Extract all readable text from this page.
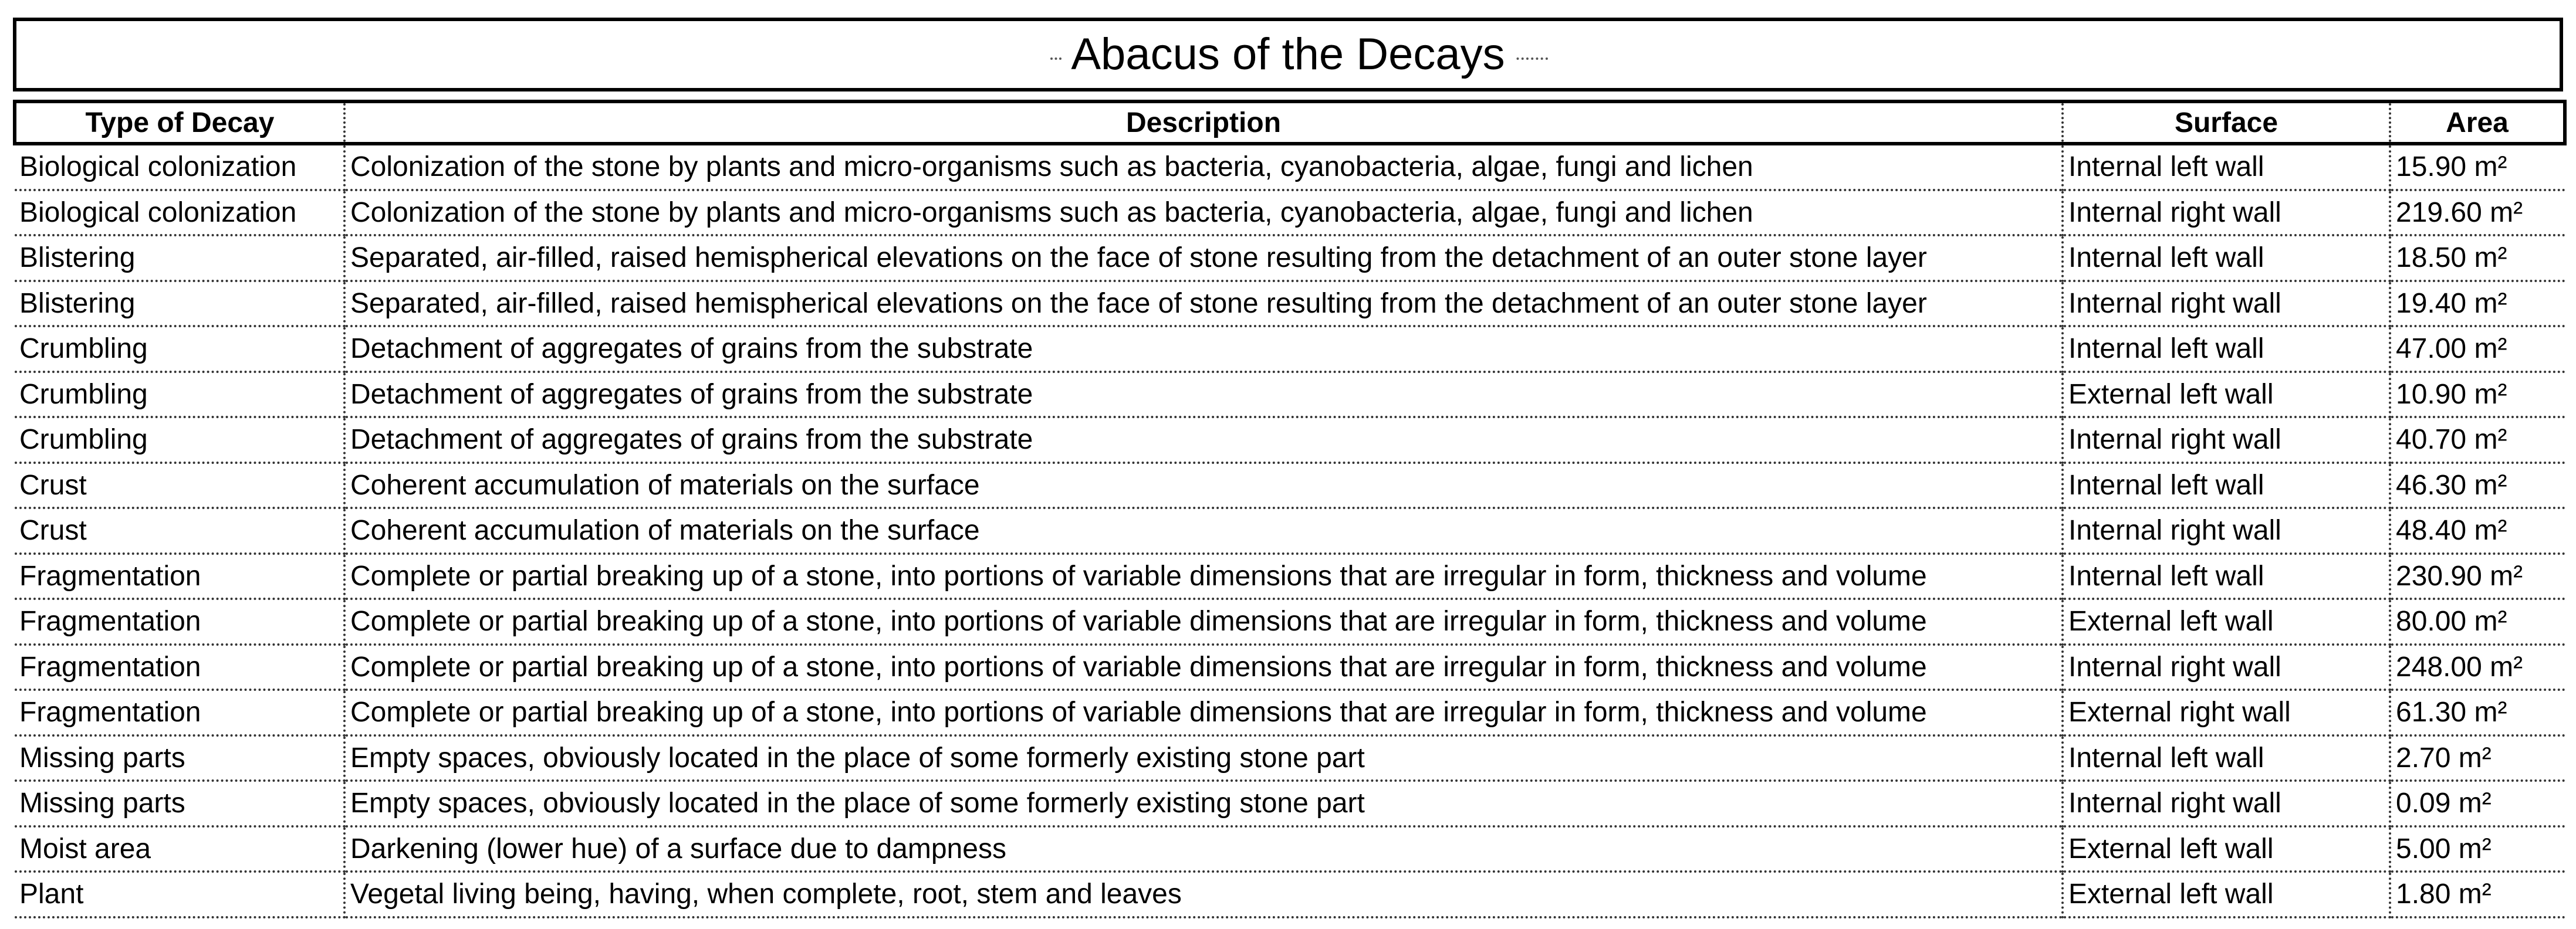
Abacus of the Decays
Type of Decay	Description	Surface	Area
Biological colonization	Colonization of the stone by plants and micro-organisms such as bacteria, cyanobacteria, algae, fungi and lichen	Internal left wall	15.90 m²
Biological colonization	Colonization of the stone by plants and micro-organisms such as bacteria, cyanobacteria, algae, fungi and lichen	Internal right wall	219.60 m²
Blistering	Separated, air-filled, raised hemispherical elevations on the face of stone resulting from the detachment of an outer stone layer	Internal left wall	18.50 m²
Blistering	Separated, air-filled, raised hemispherical elevations on the face of stone resulting from the detachment of an outer stone layer	Internal right wall	19.40 m²
Crumbling	Detachment of aggregates of grains from the substrate	Internal left wall	47.00 m²
Crumbling	Detachment of aggregates of grains from the substrate	External left wall	10.90 m²
Crumbling	Detachment of aggregates of grains from the substrate	Internal right wall	40.70 m²
Crust	Coherent accumulation of materials on the surface	Internal left wall	46.30 m²
Crust	Coherent accumulation of materials on the surface	Internal right wall	48.40 m²
Fragmentation	Complete or partial breaking up of a stone, into portions of variable dimensions that are irregular in form, thickness and volume	Internal left wall	230.90 m²
Fragmentation	Complete or partial breaking up of a stone, into portions of variable dimensions that are irregular in form, thickness and volume	External left wall	80.00 m²
Fragmentation	Complete or partial breaking up of a stone, into portions of variable dimensions that are irregular in form, thickness and volume	Internal right wall	248.00 m²
Fragmentation	Complete or partial breaking up of a stone, into portions of variable dimensions that are irregular in form, thickness and volume	External right wall	61.30 m²
Missing parts	Empty spaces, obviously located in the place of some formerly existing stone part	Internal left wall	2.70 m²
Missing parts	Empty spaces, obviously located in the place of some formerly existing stone part	Internal right wall	0.09 m²
Moist area	Darkening (lower hue) of a surface due to dampness	External left wall	5.00 m²
Plant	Vegetal living being, having, when complete, root, stem and leaves	External left wall	1.80 m²
